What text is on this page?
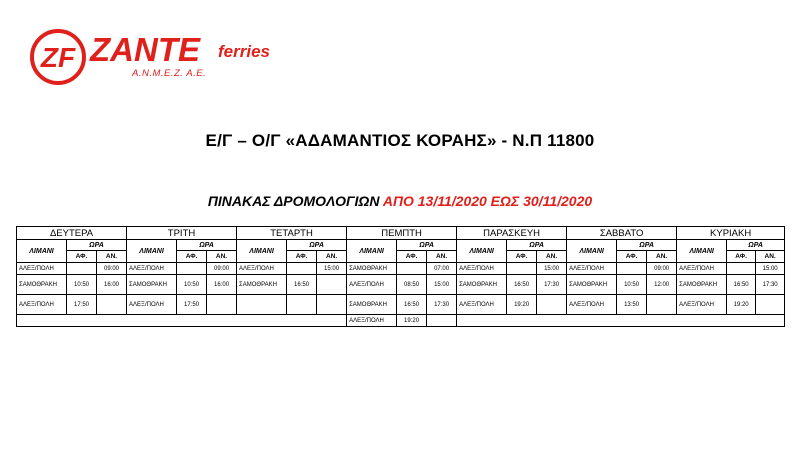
ZF ZANTE ferries
Α.Ν.Μ.Ε.Ζ. Α.Ε.
Ε/Γ – Ο/Γ «ΑΔΑΜΑΝΤΙΟΣ ΚΟΡΑΗΣ» - Ν.Π 11800
ΠΙΝΑΚΑΣ ΔΡΟΜΟΛΟΓΙΩΝ ΑΠΟ 13/11/2020 ΕΩΣ 30/11/2020
ΔΕΥΤΕΡΑ			ΤΡΙΤΗ			ΤΕΤΑΡΤΗ			ΠΕΜΠΤΗ			ΠΑΡΑΣΚΕΥΗ			ΣΑΒΒΑΤΟ			ΚΥΡΙΑΚΗ		
ΛΙΜΑΝΙ	ΩΡΑ		ΛΙΜΑΝΙ	ΩΡΑ		ΛΙΜΑΝΙ	ΩΡΑ		ΛΙΜΑΝΙ	ΩΡΑ		ΛΙΜΑΝΙ	ΩΡΑ		ΛΙΜΑΝΙ	ΩΡΑ		ΛΙΜΑΝΙ	ΩΡΑ	
	ΑΦ.	ΑΝ.		ΑΦ.	ΑΝ.		ΑΦ.	ΑΝ.		ΑΦ.	ΑΝ.		ΑΦ.	ΑΝ.		ΑΦ.	ΑΝ.		ΑΦ.	ΑΝ.
ΑΛΕΞ/ΠΟΛΗ		09:00	ΑΛΕΞ/ΠΟΛΗ		09:00	ΑΛΕΞ/ΠΟΛΗ		15:00	ΣΑΜΟΘΡΑΚΗ		07:00	ΑΛΕΞ/ΠΟΛΗ		15:00	ΑΛΕΞ/ΠΟΛΗ		09:00	ΑΛΕΞ/ΠΟΛΗ		15:00
ΣΑΜΟΘΡΑΚΗ	10:50	16:00	ΣΑΜΟΘΡΑΚΗ	10:50	16:00	ΣΑΜΟΘΡΑΚΗ	16:50		ΑΛΕΞ/ΠΟΛΗ	08:50	15:00	ΣΑΜΟΘΡΑΚΗ	16:50	17:30	ΣΑΜΟΘΡΑΚΗ	10:50	12:00	ΣΑΜΟΘΡΑΚΗ	16:50	17:30
ΑΛΕΞ/ΠΟΛΗ	17:50		ΑΛΕΞ/ΠΟΛΗ	17:50					ΣΑΜΟΘΡΑΚΗ	16:50	17:30	ΑΛΕΞ/ΠΟΛΗ	19:20		ΑΛΕΞ/ΠΟΛΗ	13:50		ΑΛΕΞ/ΠΟΛΗ	19:20	
									ΑΛΕΞ/ΠΟΛΗ	19:20										
